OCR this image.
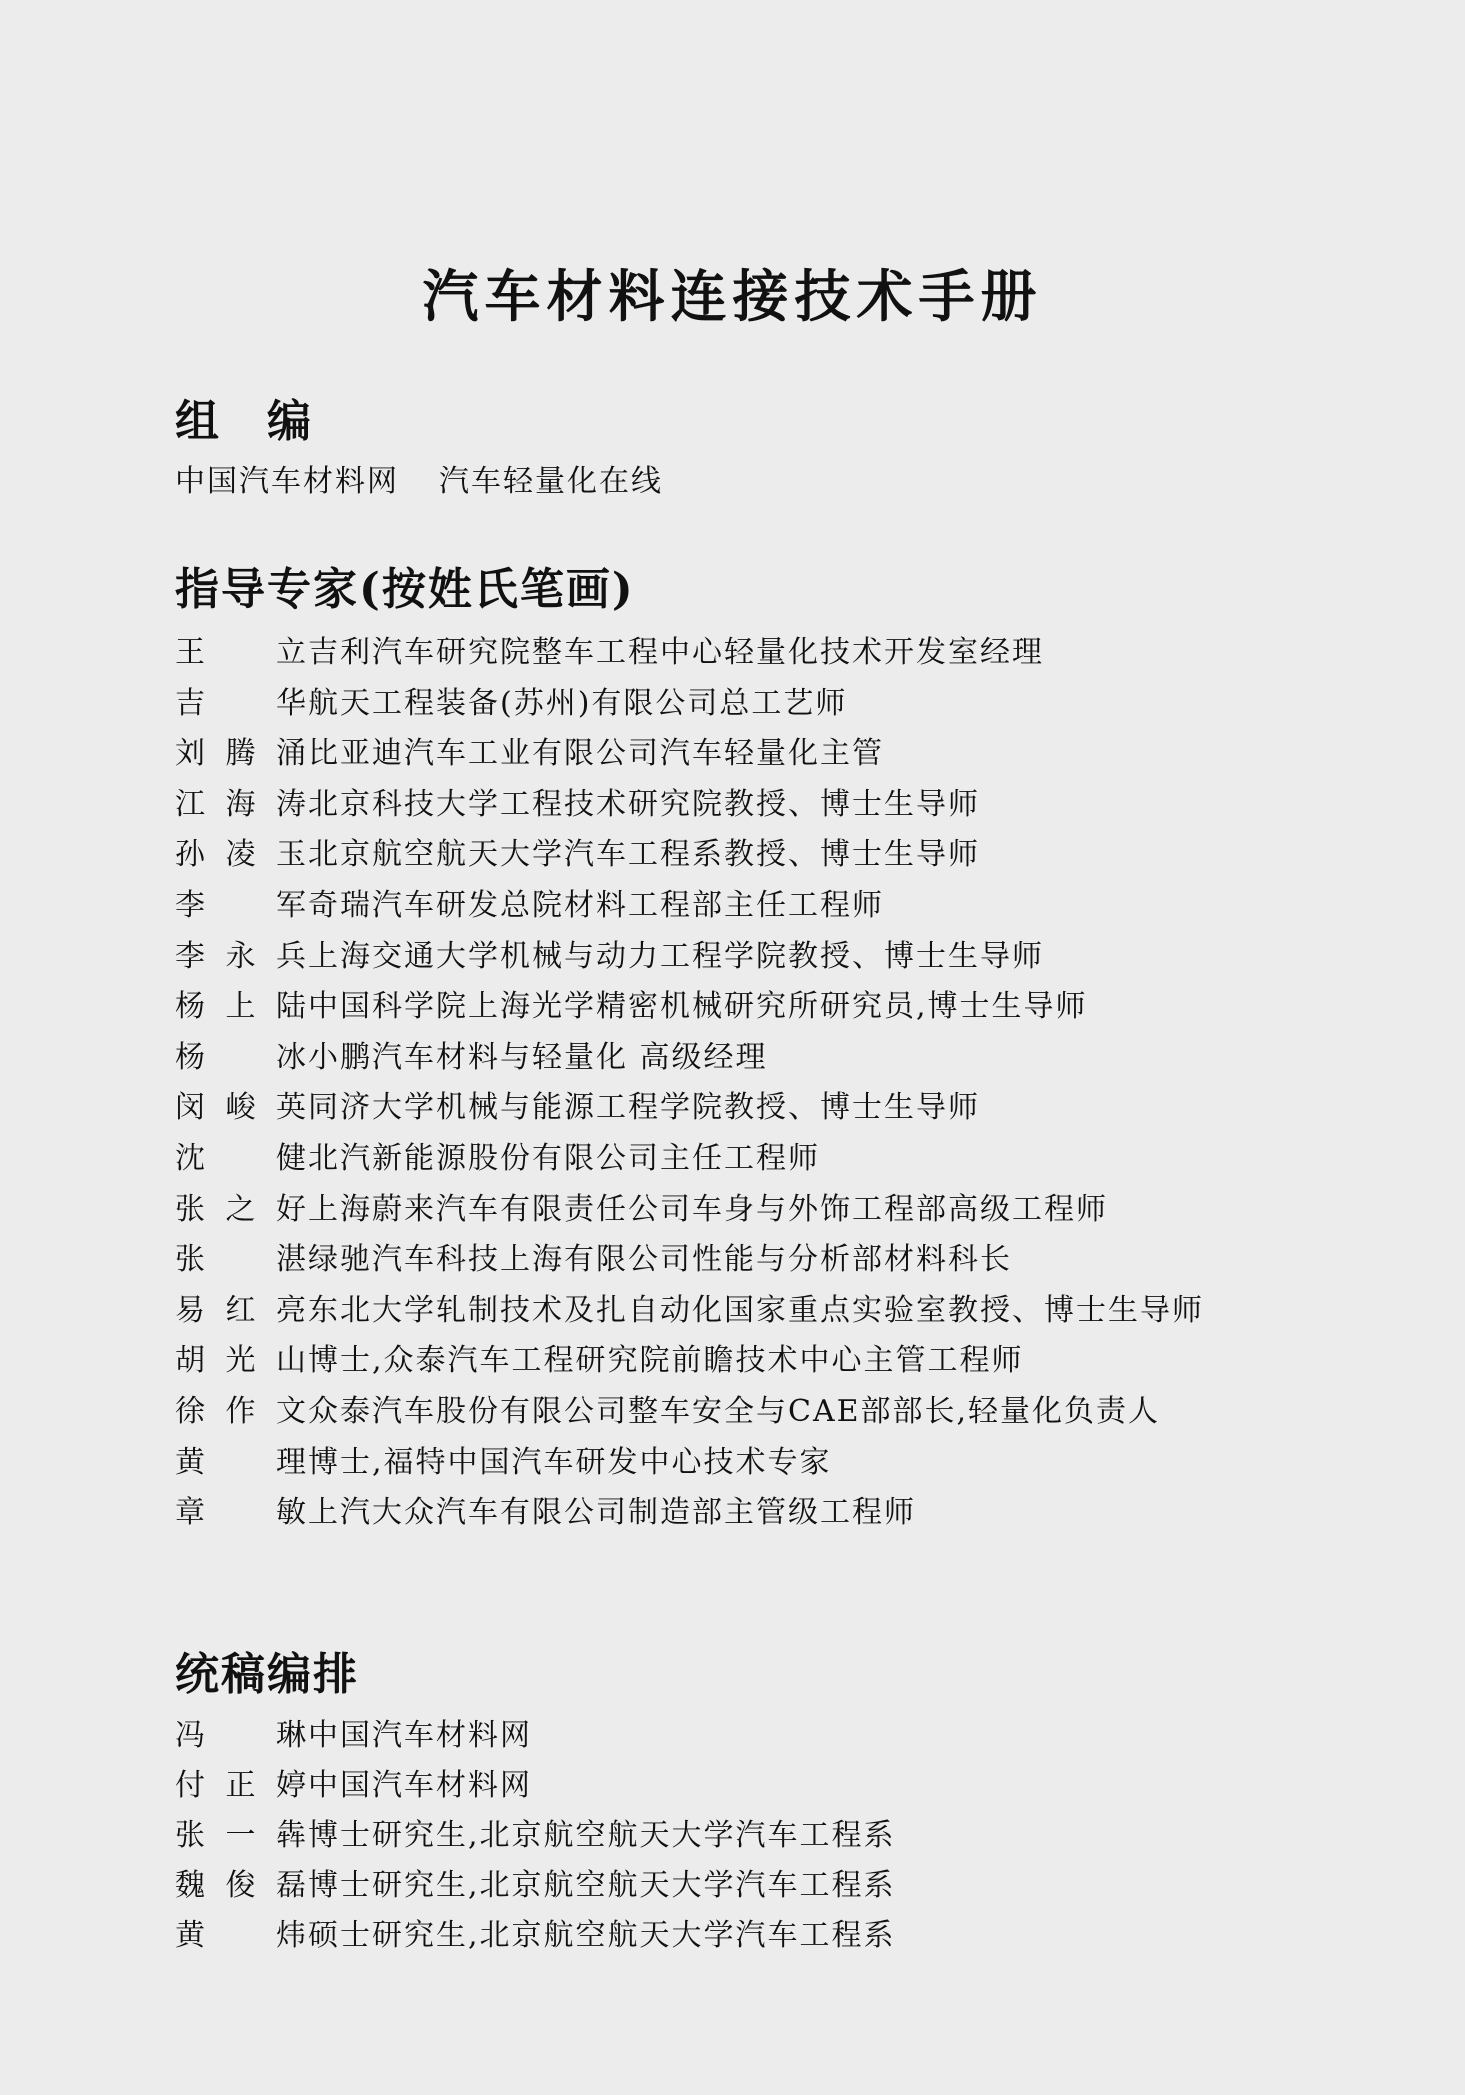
汽车材料连接技术手册
组编
中国汽车材料网 汽车轻量化在线
指导专家(按姓氏笔画)
王立 吉利汽车研究院整车工程中心轻量化技术开发室经理
吉华 航天工程装备(苏州)有限公司总工艺师
刘腾涌 比亚迪汽车工业有限公司汽车轻量化主管
江海涛 北京科技大学工程技术研究院教授、博士生导师
孙凌玉 北京航空航天大学汽车工程系教授、博士生导师
李军 奇瑞汽车研发总院材料工程部主任工程师
李永兵 上海交通大学机械与动力工程学院教授、博士生导师
杨上陆 中国科学院上海光学精密机械研究所研究员,博士生导师
杨冰 小鹏汽车材料与轻量化 高级经理
闵峻英 同济大学机械与能源工程学院教授、博士生导师
沈健 北汽新能源股份有限公司主任工程师
张之好 上海蔚来汽车有限责任公司车身与外饰工程部高级工程师
张湛 绿驰汽车科技上海有限公司性能与分析部材料科长
易红亮 东北大学轧制技术及扎自动化国家重点实验室教授、博士生导师
胡光山 博士,众泰汽车工程研究院前瞻技术中心主管工程师
徐作文 众泰汽车股份有限公司整车安全与CAE部部长,轻量化负责人
黄理 博士,福特中国汽车研发中心技术专家
章敏 上汽大众汽车有限公司制造部主管级工程师
统稿编排
冯琳 中国汽车材料网
付正婷 中国汽车材料网
张一犇 博士研究生,北京航空航天大学汽车工程系
魏俊磊 博士研究生,北京航空航天大学汽车工程系
黄炜 硕士研究生,北京航空航天大学汽车工程系
